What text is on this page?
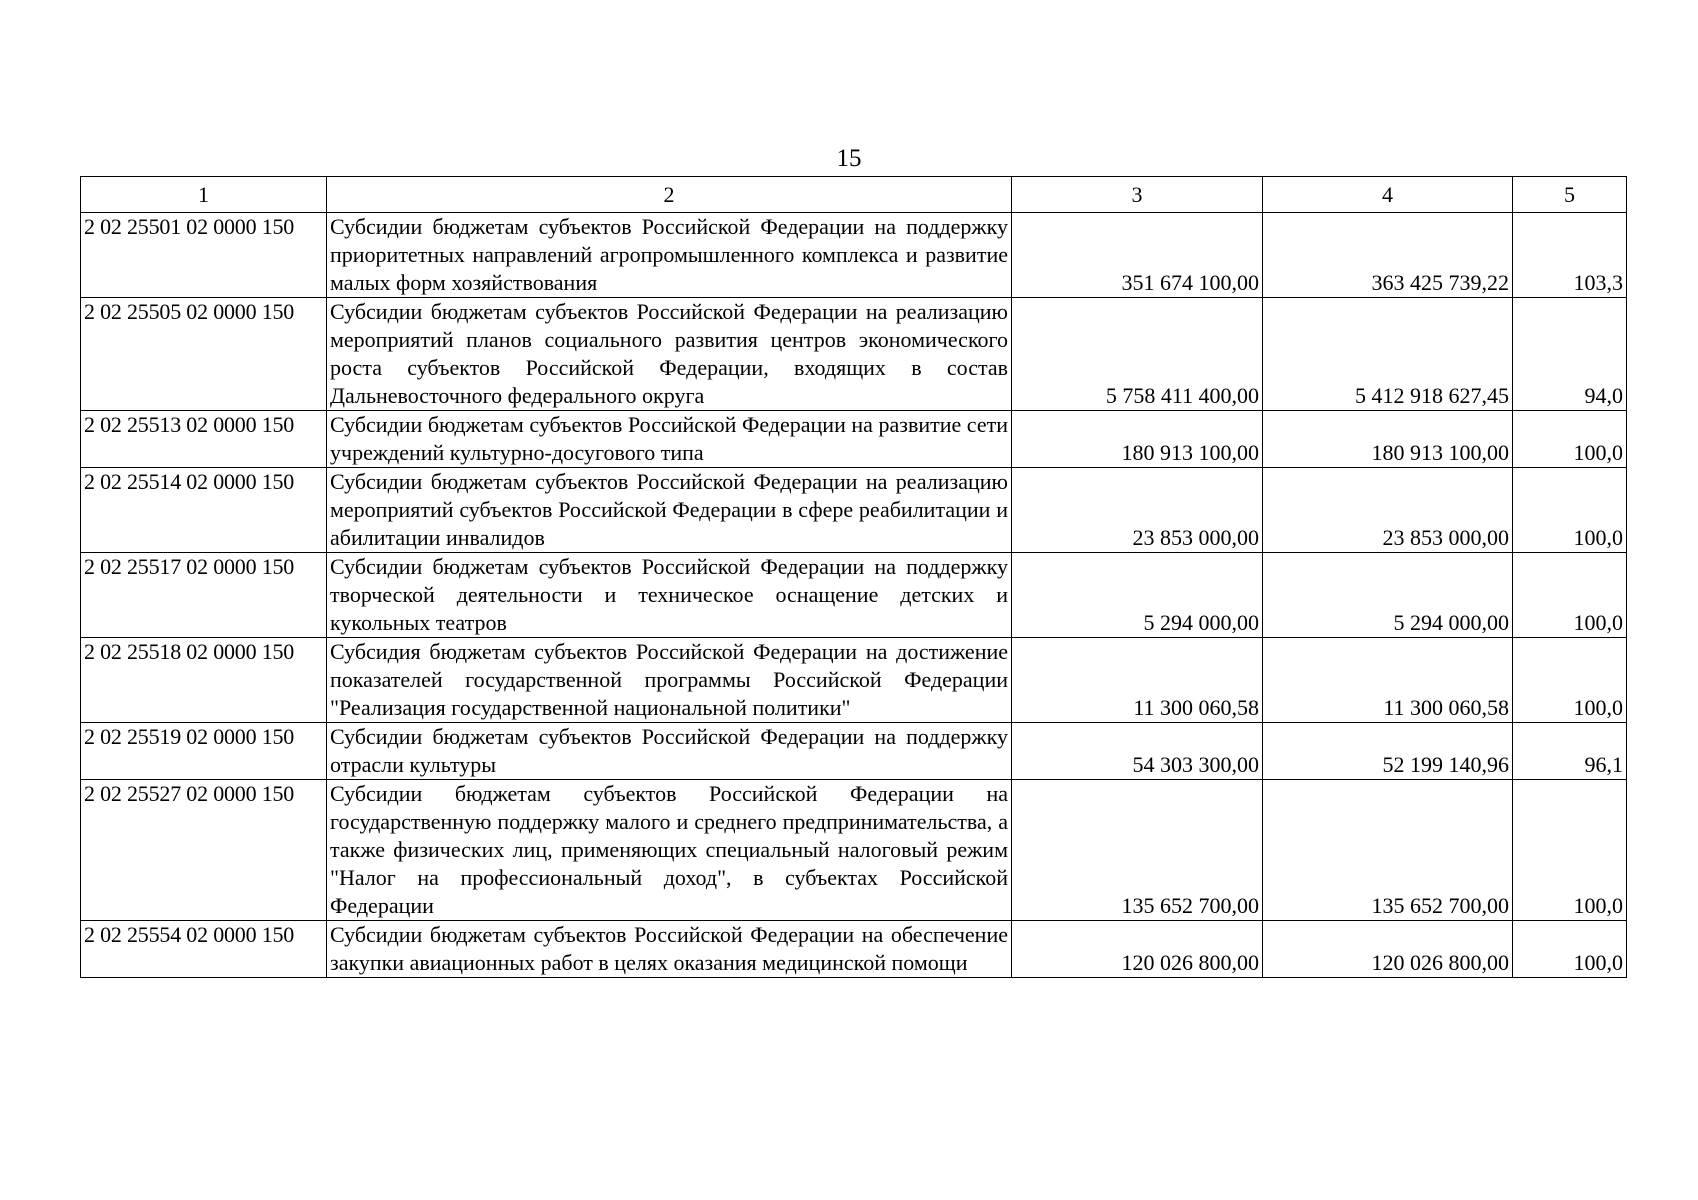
15
1	2	3	4	5
2 02 25501 02 0000 150	Субсидии бюджетам субъектов Российской Федерации на поддержку приоритетных направлений агропромышленного комплекса и развитие малых форм хозяйствования	351 674 100,00	363 425 739,22	103,3
2 02 25505 02 0000 150	Субсидии бюджетам субъектов Российской Федерации на реализацию мероприятий планов социального развития центров экономического роста субъектов Российской Федерации, входящих в состав Дальневосточного федерального округа	5 758 411 400,00	5 412 918 627,45	94,0
2 02 25513 02 0000 150	Субсидии бюджетам субъектов Российской Федерации на развитие сети учреждений культурно-досугового типа	180 913 100,00	180 913 100,00	100,0
2 02 25514 02 0000 150	Субсидии бюджетам субъектов Российской Федерации на реализацию мероприятий субъектов Российской Федерации в сфере реабилитации и абилитации инвалидов	23 853 000,00	23 853 000,00	100,0
2 02 25517 02 0000 150	Субсидии бюджетам субъектов Российской Федерации на поддержку творческой деятельности и техническое оснащение детских и кукольных театров	5 294 000,00	5 294 000,00	100,0
2 02 25518 02 0000 150	Субсидия бюджетам субъектов Российской Федерации на достижение показателей государственной программы Российской Федерации "Реализация государственной национальной политики"	11 300 060,58	11 300 060,58	100,0
2 02 25519 02 0000 150	Субсидии бюджетам субъектов Российской Федерации на поддержку отрасли культуры	54 303 300,00	52 199 140,96	96,1
2 02 25527 02 0000 150	Субсидии бюджетам субъектов Российской Федерации на государственную поддержку малого и среднего предпринимательства, а также физических лиц, применяющих специальный налоговый режим "Налог на профессиональный доход", в субъектах Российской Федерации	135 652 700,00	135 652 700,00	100,0
2 02 25554 02 0000 150	Субсидии бюджетам субъектов Российской Федерации на обеспечение закупки авиационных работ в целях оказания медицинской помощи	120 026 800,00	120 026 800,00	100,0
